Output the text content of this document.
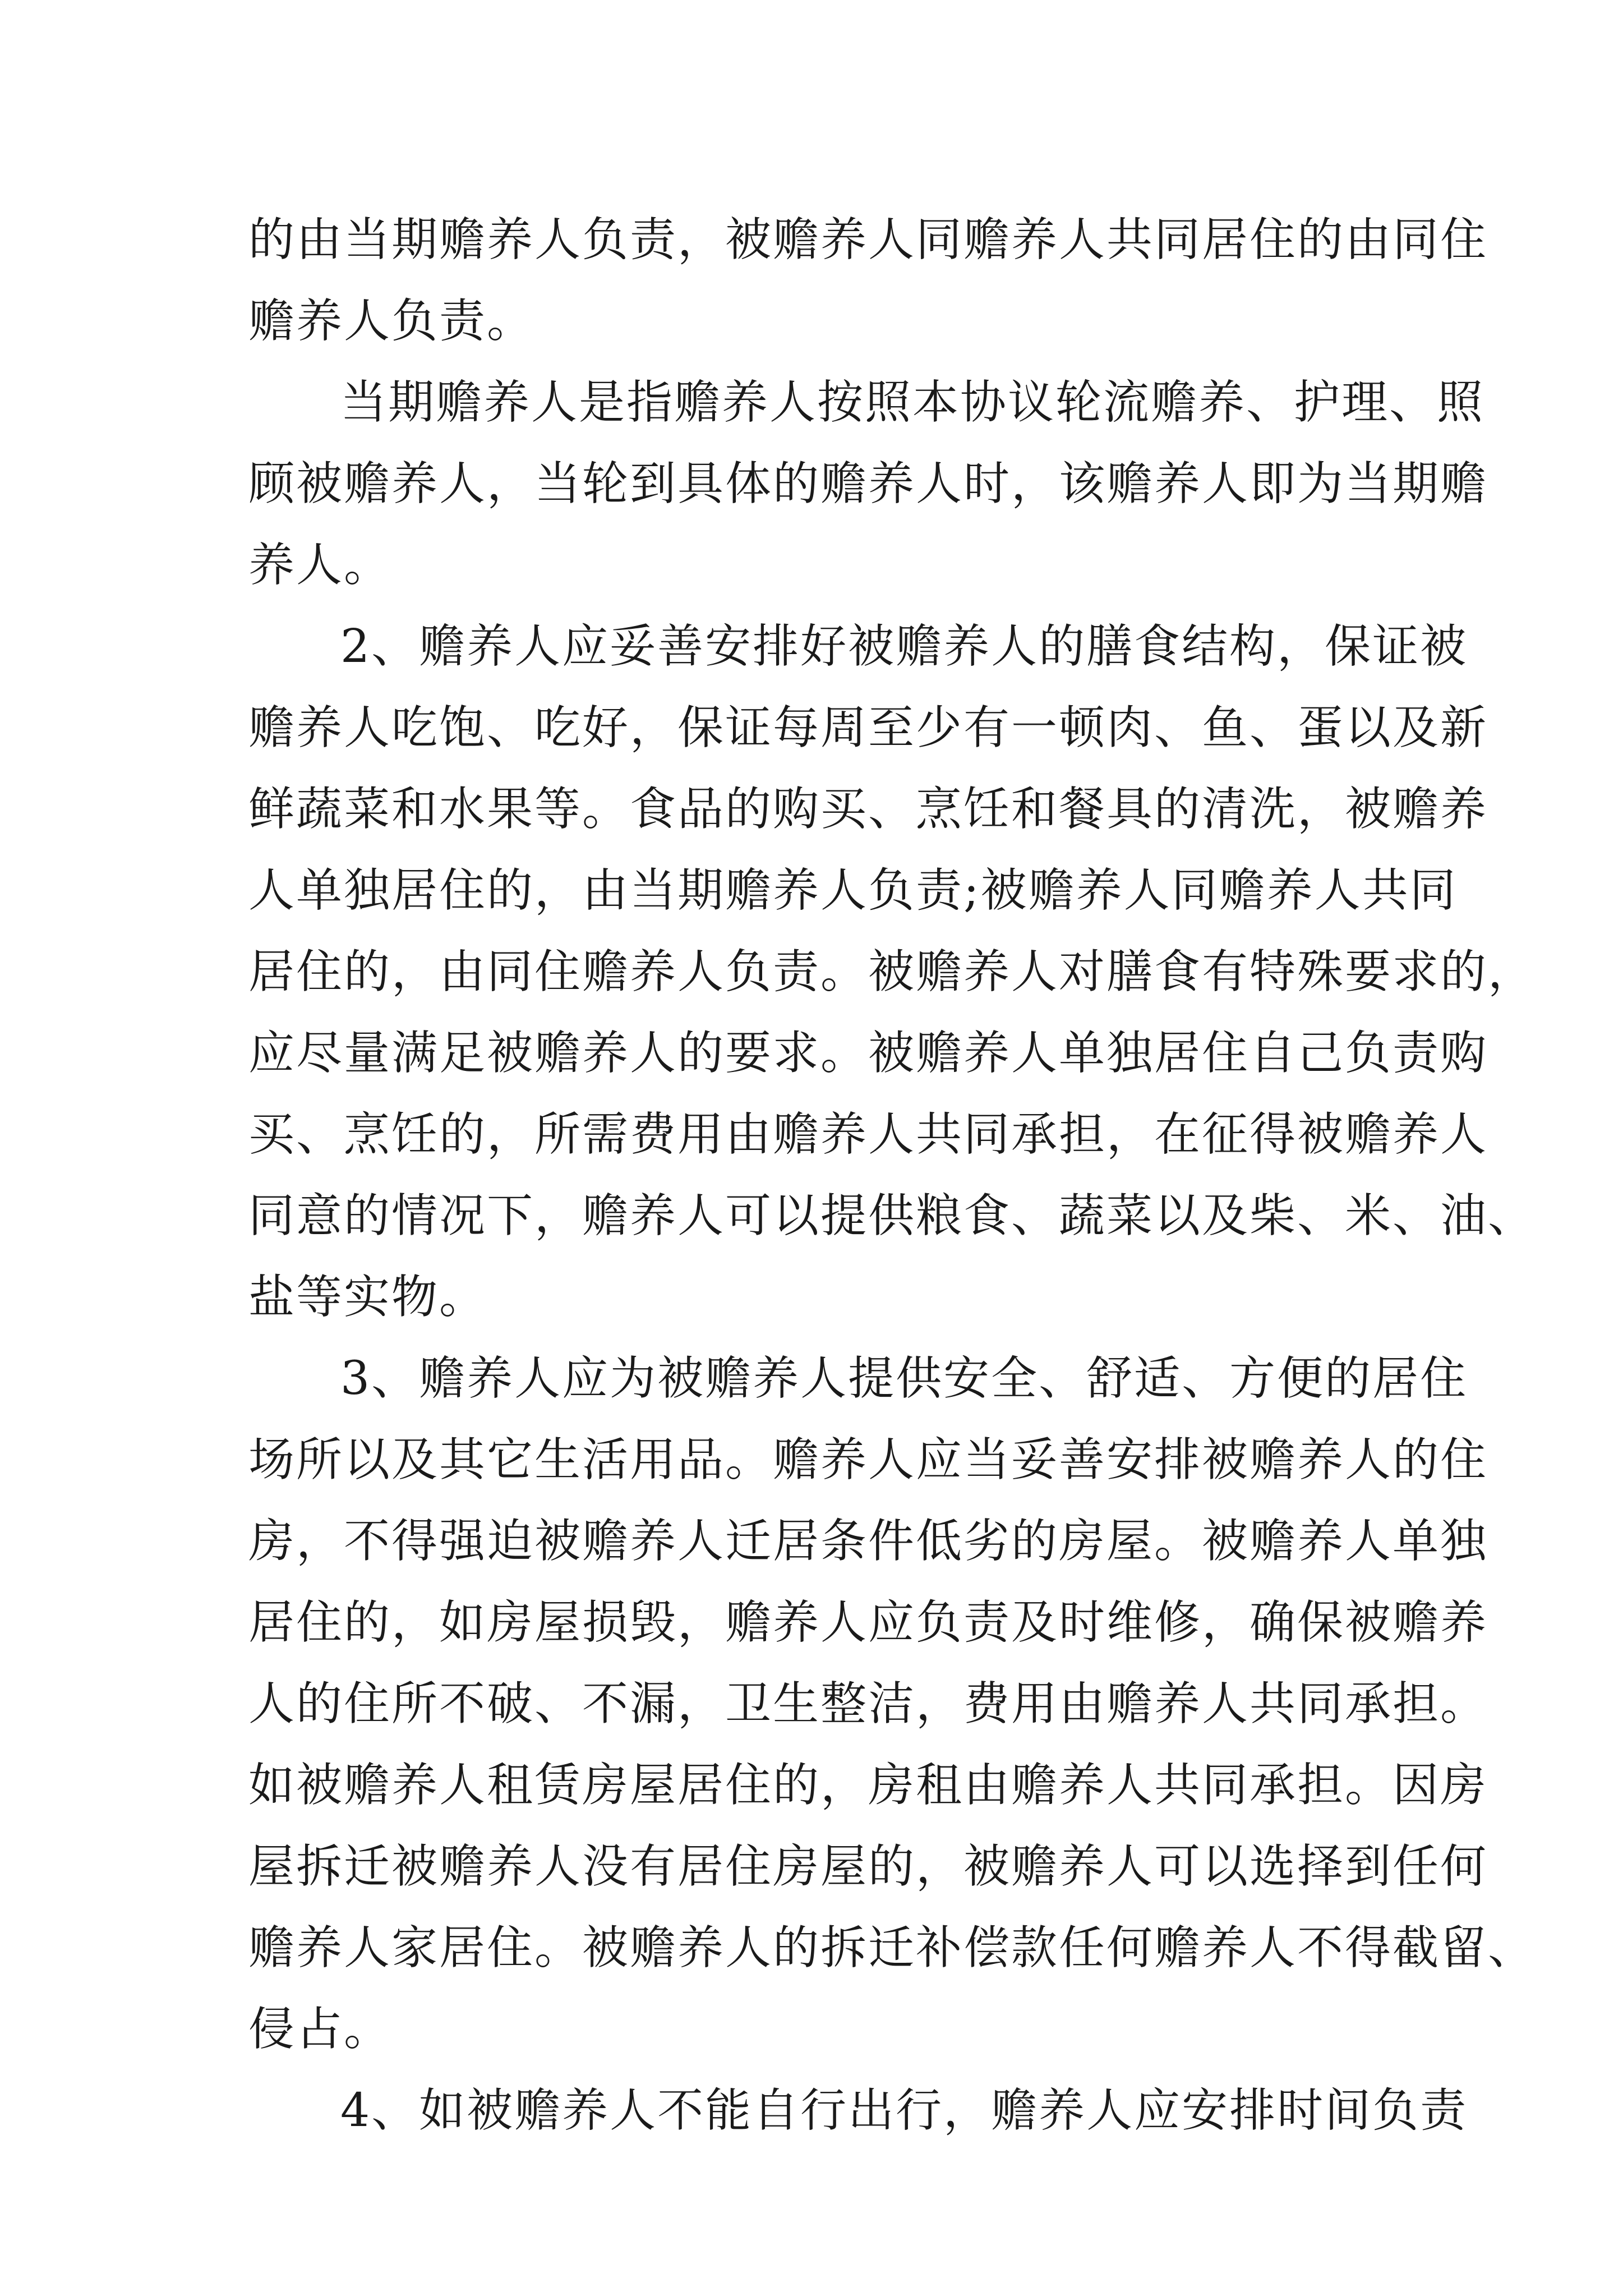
的由当期赡养人负责，被赡养人同赡养人共同居住的由同住
赡养人负责。
当期赡养人是指赡养人按照本协议轮流赡养、护理、照
顾被赡养人，当轮到具体的赡养人时，该赡养人即为当期赡
养人。
2、赡养人应妥善安排好被赡养人的膳食结构，保证被
赡养人吃饱、吃好，保证每周至少有一顿肉、鱼、蛋以及新
鲜蔬菜和水果等。食品的购买、烹饪和餐具的清洗，被赡养
人单独居住的，由当期赡养人负责;被赡养人同赡养人共同
居住的，由同住赡养人负责。被赡养人对膳食有特殊要求的，
应尽量满足被赡养人的要求。被赡养人单独居住自己负责购
买、烹饪的，所需费用由赡养人共同承担，在征得被赡养人
同意的情况下，赡养人可以提供粮食、蔬菜以及柴、米、油、
盐等实物。
3、赡养人应为被赡养人提供安全、舒适、方便的居住
场所以及其它生活用品。赡养人应当妥善安排被赡养人的住
房，不得强迫被赡养人迁居条件低劣的房屋。被赡养人单独
居住的，如房屋损毁，赡养人应负责及时维修，确保被赡养
人的住所不破、不漏，卫生整洁，费用由赡养人共同承担。
如被赡养人租赁房屋居住的，房租由赡养人共同承担。因房
屋拆迁被赡养人没有居住房屋的，被赡养人可以选择到任何
赡养人家居住。被赡养人的拆迁补偿款任何赡养人不得截留、
侵占。
4、如被赡养人不能自行出行，赡养人应安排时间负责
